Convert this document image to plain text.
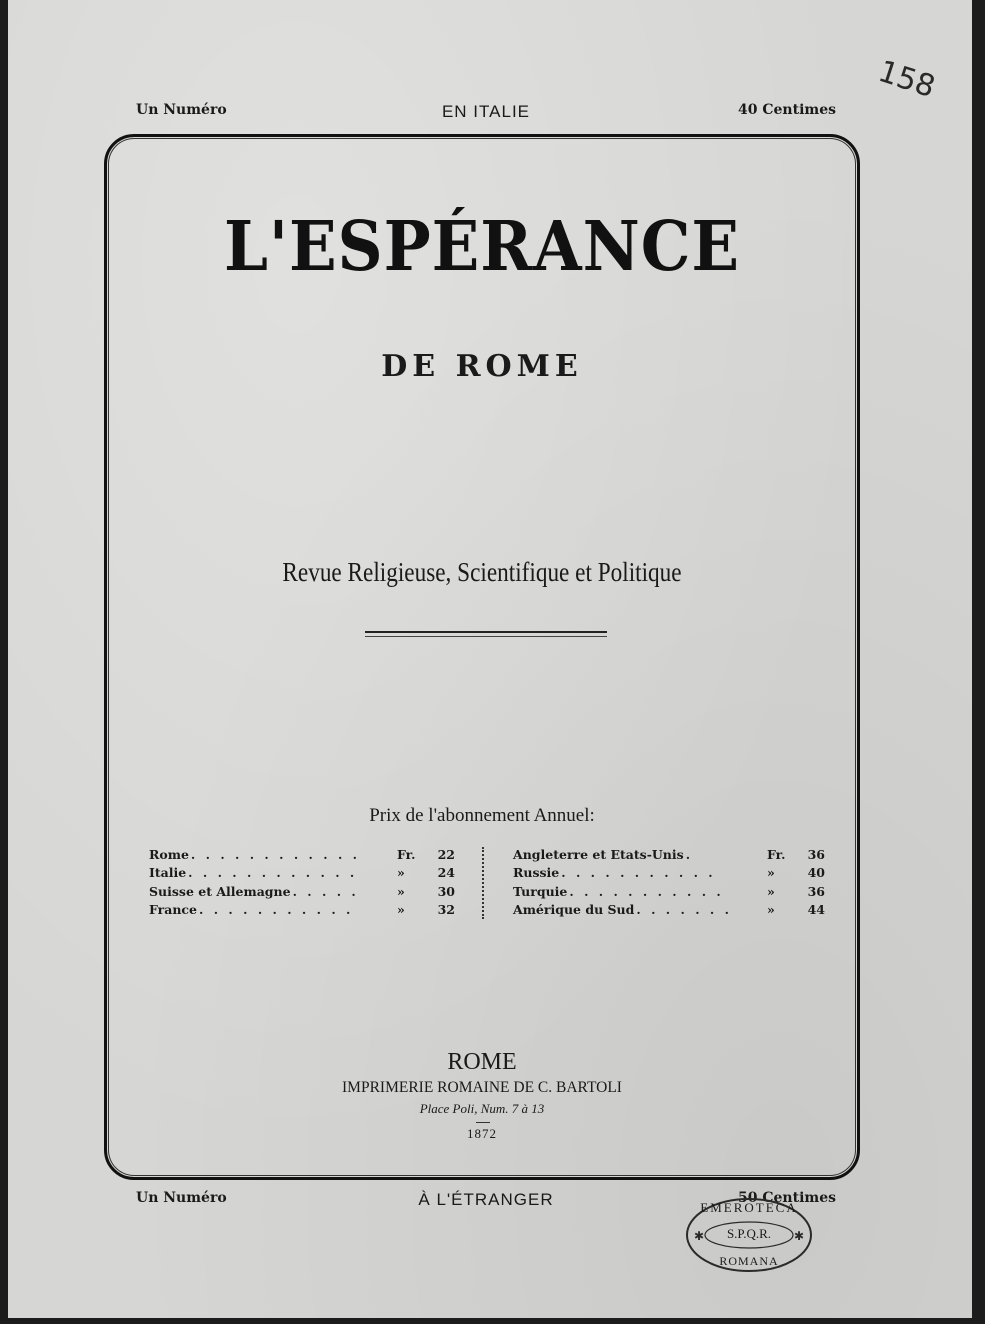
158
Un Numéro	EN ITALIE	40 Centimes
L'ESPÉRANCE
DE ROME
Revue Religieuse, Scientifique et Politique
Prix de l'abonnement Annuel:
Rome . . . . . . . . . . . .	Fr.	22
Italie . . . . . . . . . . . .	»	24
Suisse et Allemagne . . . . .	»	30
France . . . . . . . . . . .	»	32
Angleterre et Etats-Unis .	Fr.	36
Russie . . . . . . . . . . .	»	40
Turquie . . . . . . . . . . .	»	36
Amérique du Sud . . . . . . .	»	44
ROME
IMPRIMERIE ROMAINE DE C. BARTOLI
Place Poli, Num. 7 à 13
1872
Un Numéro	À L'ÉTRANGER	50 Centimes
✱	✱
EMEROTECA
S.P.Q.R.
ROMANA
